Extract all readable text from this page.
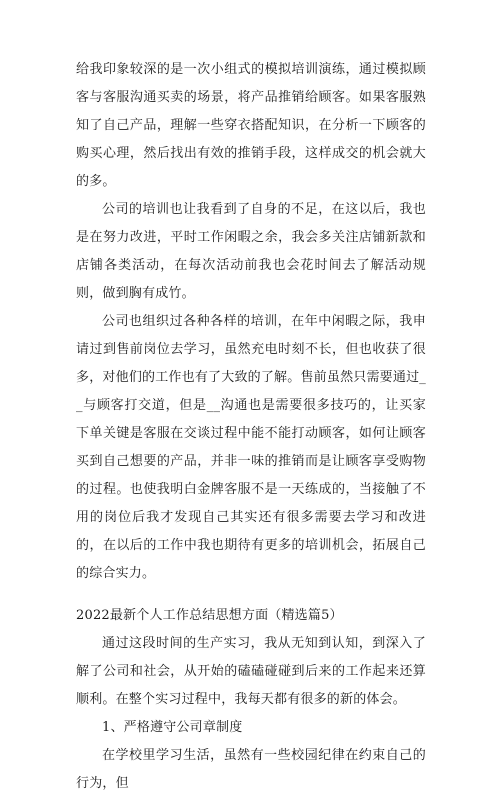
给我印象较深的是一次小组式的模拟培训演练，通过模拟顾客与客服沟通买卖的场景，将产品推销给顾客。如果客服熟知了自己产品，理解一些穿衣搭配知识，在分析一下顾客的购买心理，然后找出有效的推销手段，这样成交的机会就大的多。

公司的培训也让我看到了自身的不足，在这以后，我也是在努力改进，平时工作闲暇之余，我会多关注店铺新款和店铺各类活动，在每次活动前我也会花时间去了解活动规则，做到胸有成竹。

公司也组织过各种各样的培训，在年中闲暇之际，我申请过到售前岗位去学习，虽然充电时刻不长，但也收获了很多，对他们的工作也有了大致的了解。售前虽然只需要通过__与顾客打交道，但是__沟通也是需要很多技巧的，让买家下单关键是客服在交谈过程中能不能打动顾客，如何让顾客买到自己想要的产品，并非一味的推销而是让顾客享受购物的过程。也使我明白金牌客服不是一天练成的，当接触了不用的岗位后我才发现自己其实还有很多需要去学习和改进的，在以后的工作中我也期待有更多的培训机会，拓展自己的综合实力。

2022最新个人工作总结思想方面（精选篇5）

通过这段时间的生产实习，我从无知到认知，到深入了解了公司和社会，从开始的磕磕碰碰到后来的工作起来还算顺利。在整个实习过程中，我每天都有很多的新的体会。

1、严格遵守公司章制度

在学校里学习生活，虽然有一些校园纪律在约束自己的行为，但
